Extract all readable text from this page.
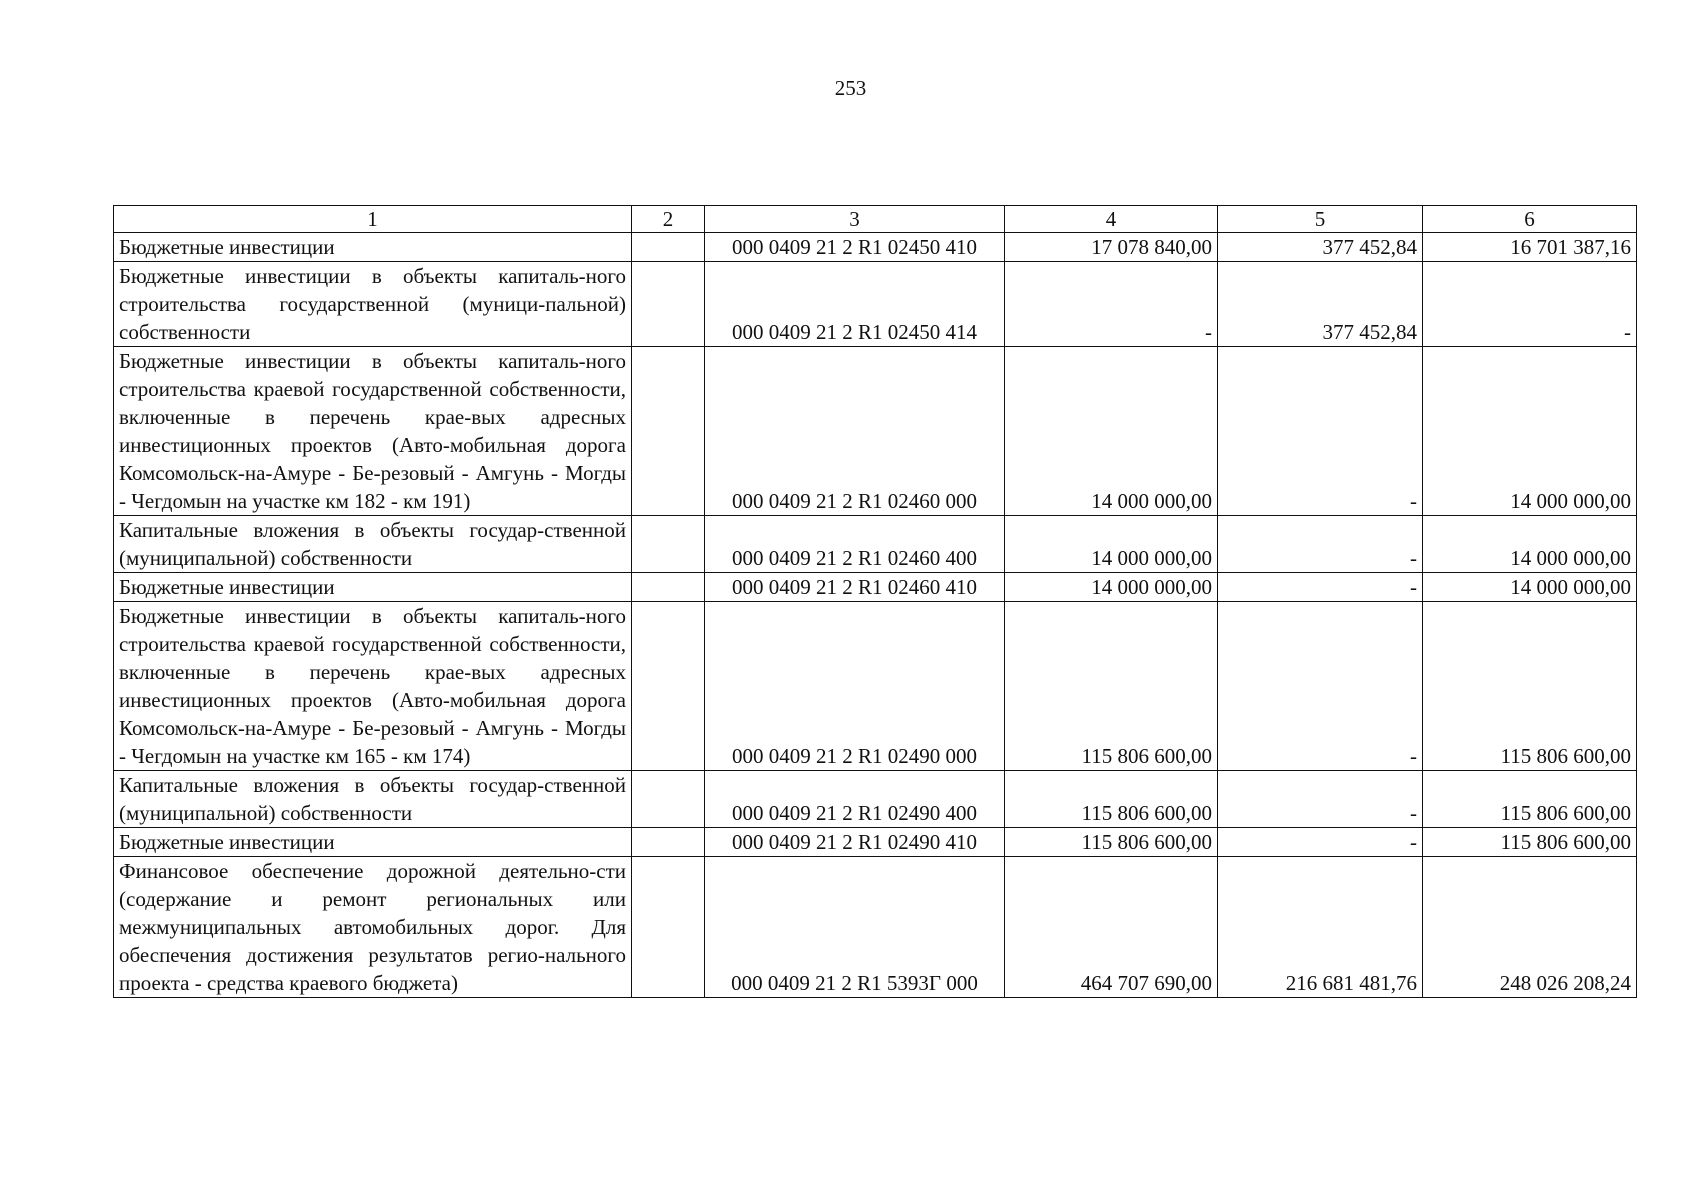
253
1	2	3	4	5	6
Бюджетные инвестиции		000 0409 21 2 R1 02450 410	17 078 840,00	377 452,84	16 701 387,16
Бюджетные инвестиции в объекты капиталь-ного строительства государственной (муници-пальной) собственности		000 0409 21 2 R1 02450 414	-	377 452,84	-
Бюджетные инвестиции в объекты капиталь-ного строительства краевой государственной собственности, включенные в перечень крае-вых адресных инвестиционных проектов (Авто-мобильная дорога Комсомольск-на-Амуре - Бе-резовый - Амгунь - Могды - Чегдомын на участке км 182 - км 191)		000 0409 21 2 R1 02460 000	14 000 000,00	-	14 000 000,00
Капитальные вложения в объекты государ-ственной (муниципальной) собственности		000 0409 21 2 R1 02460 400	14 000 000,00	-	14 000 000,00
Бюджетные инвестиции		000 0409 21 2 R1 02460 410	14 000 000,00	-	14 000 000,00
Бюджетные инвестиции в объекты капиталь-ного строительства краевой государственной собственности, включенные в перечень крае-вых адресных инвестиционных проектов (Авто-мобильная дорога Комсомольск-на-Амуре - Бе-резовый - Амгунь - Могды - Чегдомын на участке км 165 - км 174)		000 0409 21 2 R1 02490 000	115 806 600,00	-	115 806 600,00
Капитальные вложения в объекты государ-ственной (муниципальной) собственности		000 0409 21 2 R1 02490 400	115 806 600,00	-	115 806 600,00
Бюджетные инвестиции		000 0409 21 2 R1 02490 410	115 806 600,00	-	115 806 600,00
Финансовое обеспечение дорожной деятельно-сти (содержание и ремонт региональных или межмуниципальных автомобильных дорог. Для обеспечения достижения результатов регио-нального проекта - средства краевого бюджета)		000 0409 21 2 R1 5393Г 000	464 707 690,00	216 681 481,76	248 026 208,24
